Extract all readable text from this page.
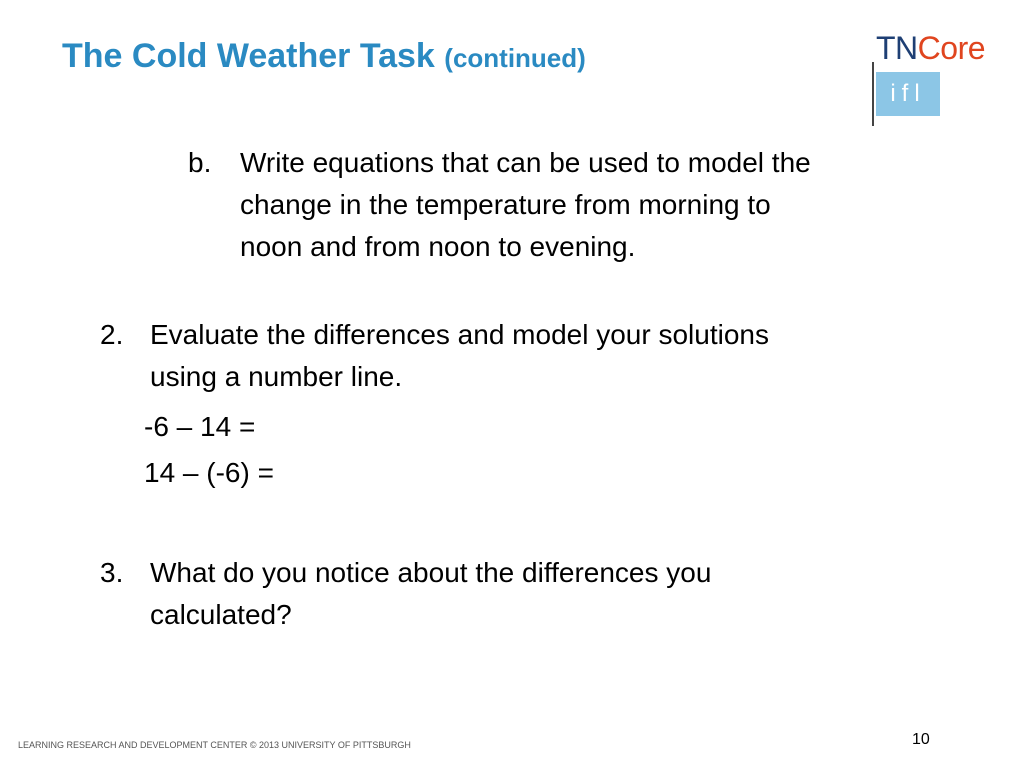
The Cold Weather Task (continued)	TNCore
ifl
b. Write equations that can be used to model the
change in the temperature from morning to
noon and from noon to evening.

2. Evaluate the differences and model your solutions
using a number line.

-6 – 14 =

14 – (-6) =

3. What do you notice about the differences you
calculated?

LEARNING RESEARCH AND DEVELOPMENT CENTER © 2013 UNIVERSITY OF PITTSBURGH	10
